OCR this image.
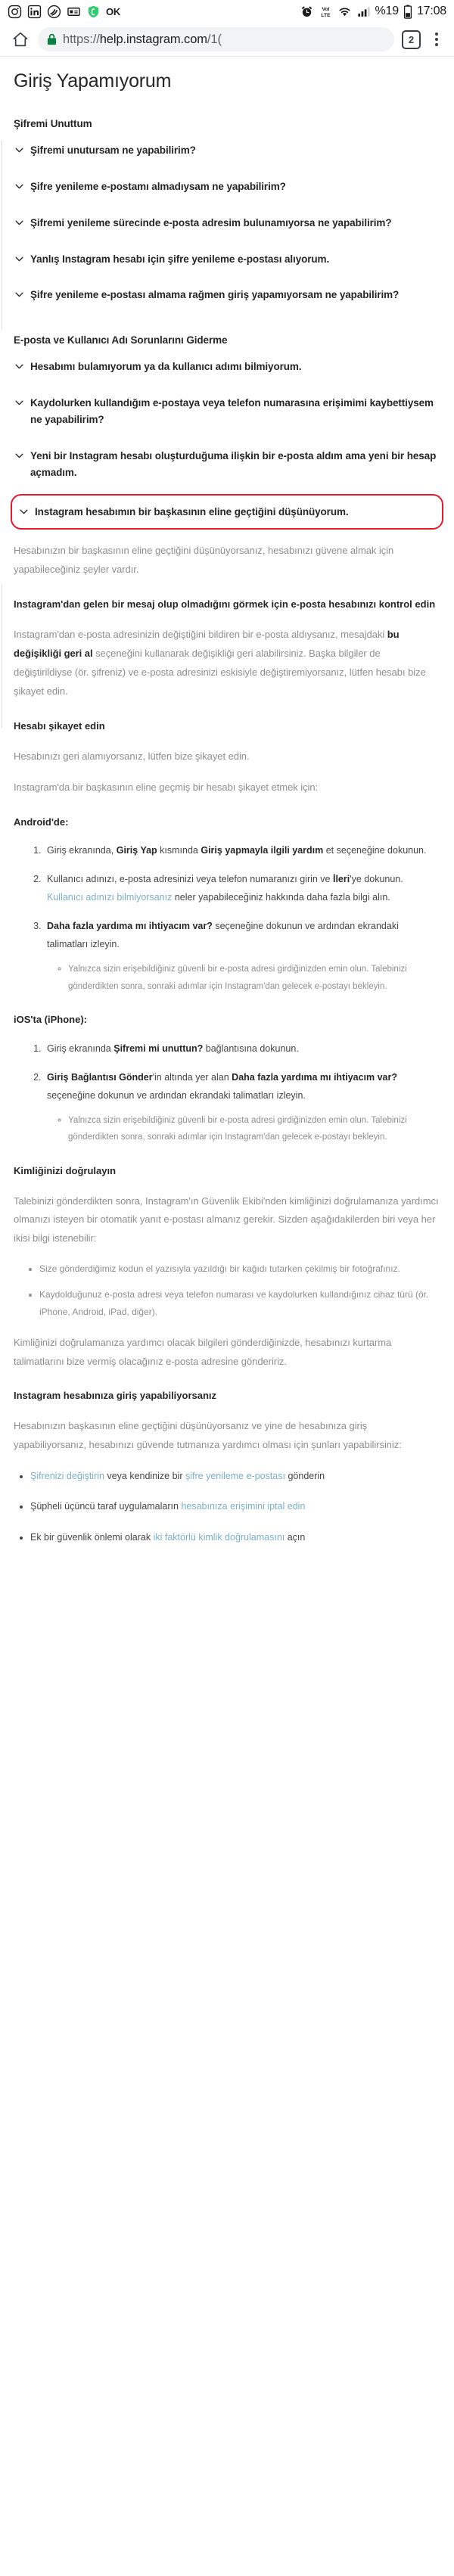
OK	Vol
LTE	%19 17:08
https://help.instagram.com/1(	2
Giriş Yapamıyorum
Şifremi Unuttum
Şifremi unutursam ne yapabilirim?
Şifre yenileme e-postamı almadıysam ne yapabilirim?
Şifremi yenileme sürecinde e-posta adresim bulunamıyorsa ne yapabilirim?
Yanlış Instagram hesabı için şifre yenileme e-postası alıyorum.
Şifre yenileme e-postası almama rağmen giriş yapamıyorsam ne yapabilirim?
E-posta ve Kullanıcı Adı Sorunlarını Giderme
Hesabımı bulamıyorum ya da kullanıcı adımı bilmiyorum.
Kaydolurken kullandığım e-postaya veya telefon numarasına erişimimi kaybettiysem ne yapabilirim?
Yeni bir Instagram hesabı oluşturduğuma ilişkin bir e-posta aldım ama yeni bir hesap açmadım.
Instagram hesabımın bir başkasının eline geçtiğini düşünüyorum.

Hesabınızın bir başkasının eline geçtiğini düşünüyorsanız, hesabınızı güvene almak için yapabileceğiniz şeyler vardır.

Instagram'dan gelen bir mesaj olup olmadığını görmek için e-posta hesabınızı kontrol edin

Instagram'dan e-posta adresinizin değiştiğini bildiren bir e-posta aldıysanız, mesajdaki bu değişikliği geri al seçeneğini kullanarak değişikliği geri alabilirsiniz. Başka bilgiler de değiştirildiyse (ör. şifreniz) ve e-posta adresinizi eskisiyle değiştiremiyorsanız, lütfen hesabı bize şikayet edin.

Hesabı şikayet edin

Hesabınızı geri alamıyorsanız, lütfen bize şikayet edin.

Instagram'da bir başkasının eline geçmiş bir hesabı şikayet etmek için:

Android'de:
1. Giriş ekranında, Giriş Yap kısmında Giriş yapmayla ilgili yardım et seçeneğine dokunun.
2. Kullanıcı adınızı, e-posta adresinizi veya telefon numaranızı girin ve İleri'ye dokunun. Kullanıcı adınızı bilmiyorsanız neler yapabileceğiniz hakkında daha fazla bilgi alın.
3. Daha fazla yardıma mı ihtiyacım var? seçeneğine dokunun ve ardından ekrandaki talimatları izleyin.
◦ Yalnızca sizin erişebildiğiniz güvenli bir e-posta adresi girdiğinizden emin olun. Talebinizi gönderdikten sonra, sonraki adımlar için Instagram'dan gelecek e-postayı bekleyin.
iOS'ta (iPhone):
1. Giriş ekranında Şifremi mi unuttun? bağlantısına dokunun.
2. Giriş Bağlantısı Gönder'in altında yer alan Daha fazla yardıma mı ihtiyacım var? seçeneğine dokunun ve ardından ekrandaki talimatları izleyin.
◦ Yalnızca sizin erişebildiğiniz güvenli bir e-posta adresi girdiğinizden emin olun. Talebinizi gönderdikten sonra, sonraki adımlar için Instagram'dan gelecek e-postayı bekleyin.
Kimliğinizi doğrulayın

Talebinizi gönderdikten sonra, Instagram'ın Güvenlik Ekibi'nden kimliğinizi doğrulamanıza yardımcı olmanızı isteyen bir otomatik yanıt e-postası almanız gerekir. Sizden aşağıdakilerden biri veya her ikisi bilgi istenebilir:

• Size gönderdiğimiz kodun el yazısıyla yazıldığı bir kağıdı tutarken çekilmiş bir fotoğrafınız.
• Kaydolduğunuz e-posta adresi veya telefon numarası ve kaydolurken kullandığınız cihaz türü (ör. iPhone, Android, iPad, diğer).

Kimliğinizi doğrulamanıza yardımcı olacak bilgileri gönderdiğinizde, hesabınızı kurtarma talimatlarını bize vermiş olacağınız e-posta adresine göndeririz.

Instagram hesabınıza giriş yapabiliyorsanız

Hesabınızın başkasının eline geçtiğini düşünüyorsanız ve yine de hesabınıza giriş yapabiliyorsanız, hesabınızı güvende tutmanıza yardımcı olması için şunları yapabilirsiniz:

• Şifrenizi değiştirin veya kendinize bir şifre yenileme e-postası gönderin
• Şüpheli üçüncü taraf uygulamaların hesabınıza erişimini iptal edin
• Ek bir güvenlik önlemi olarak iki faktörlü kimlik doğrulamasını açın
